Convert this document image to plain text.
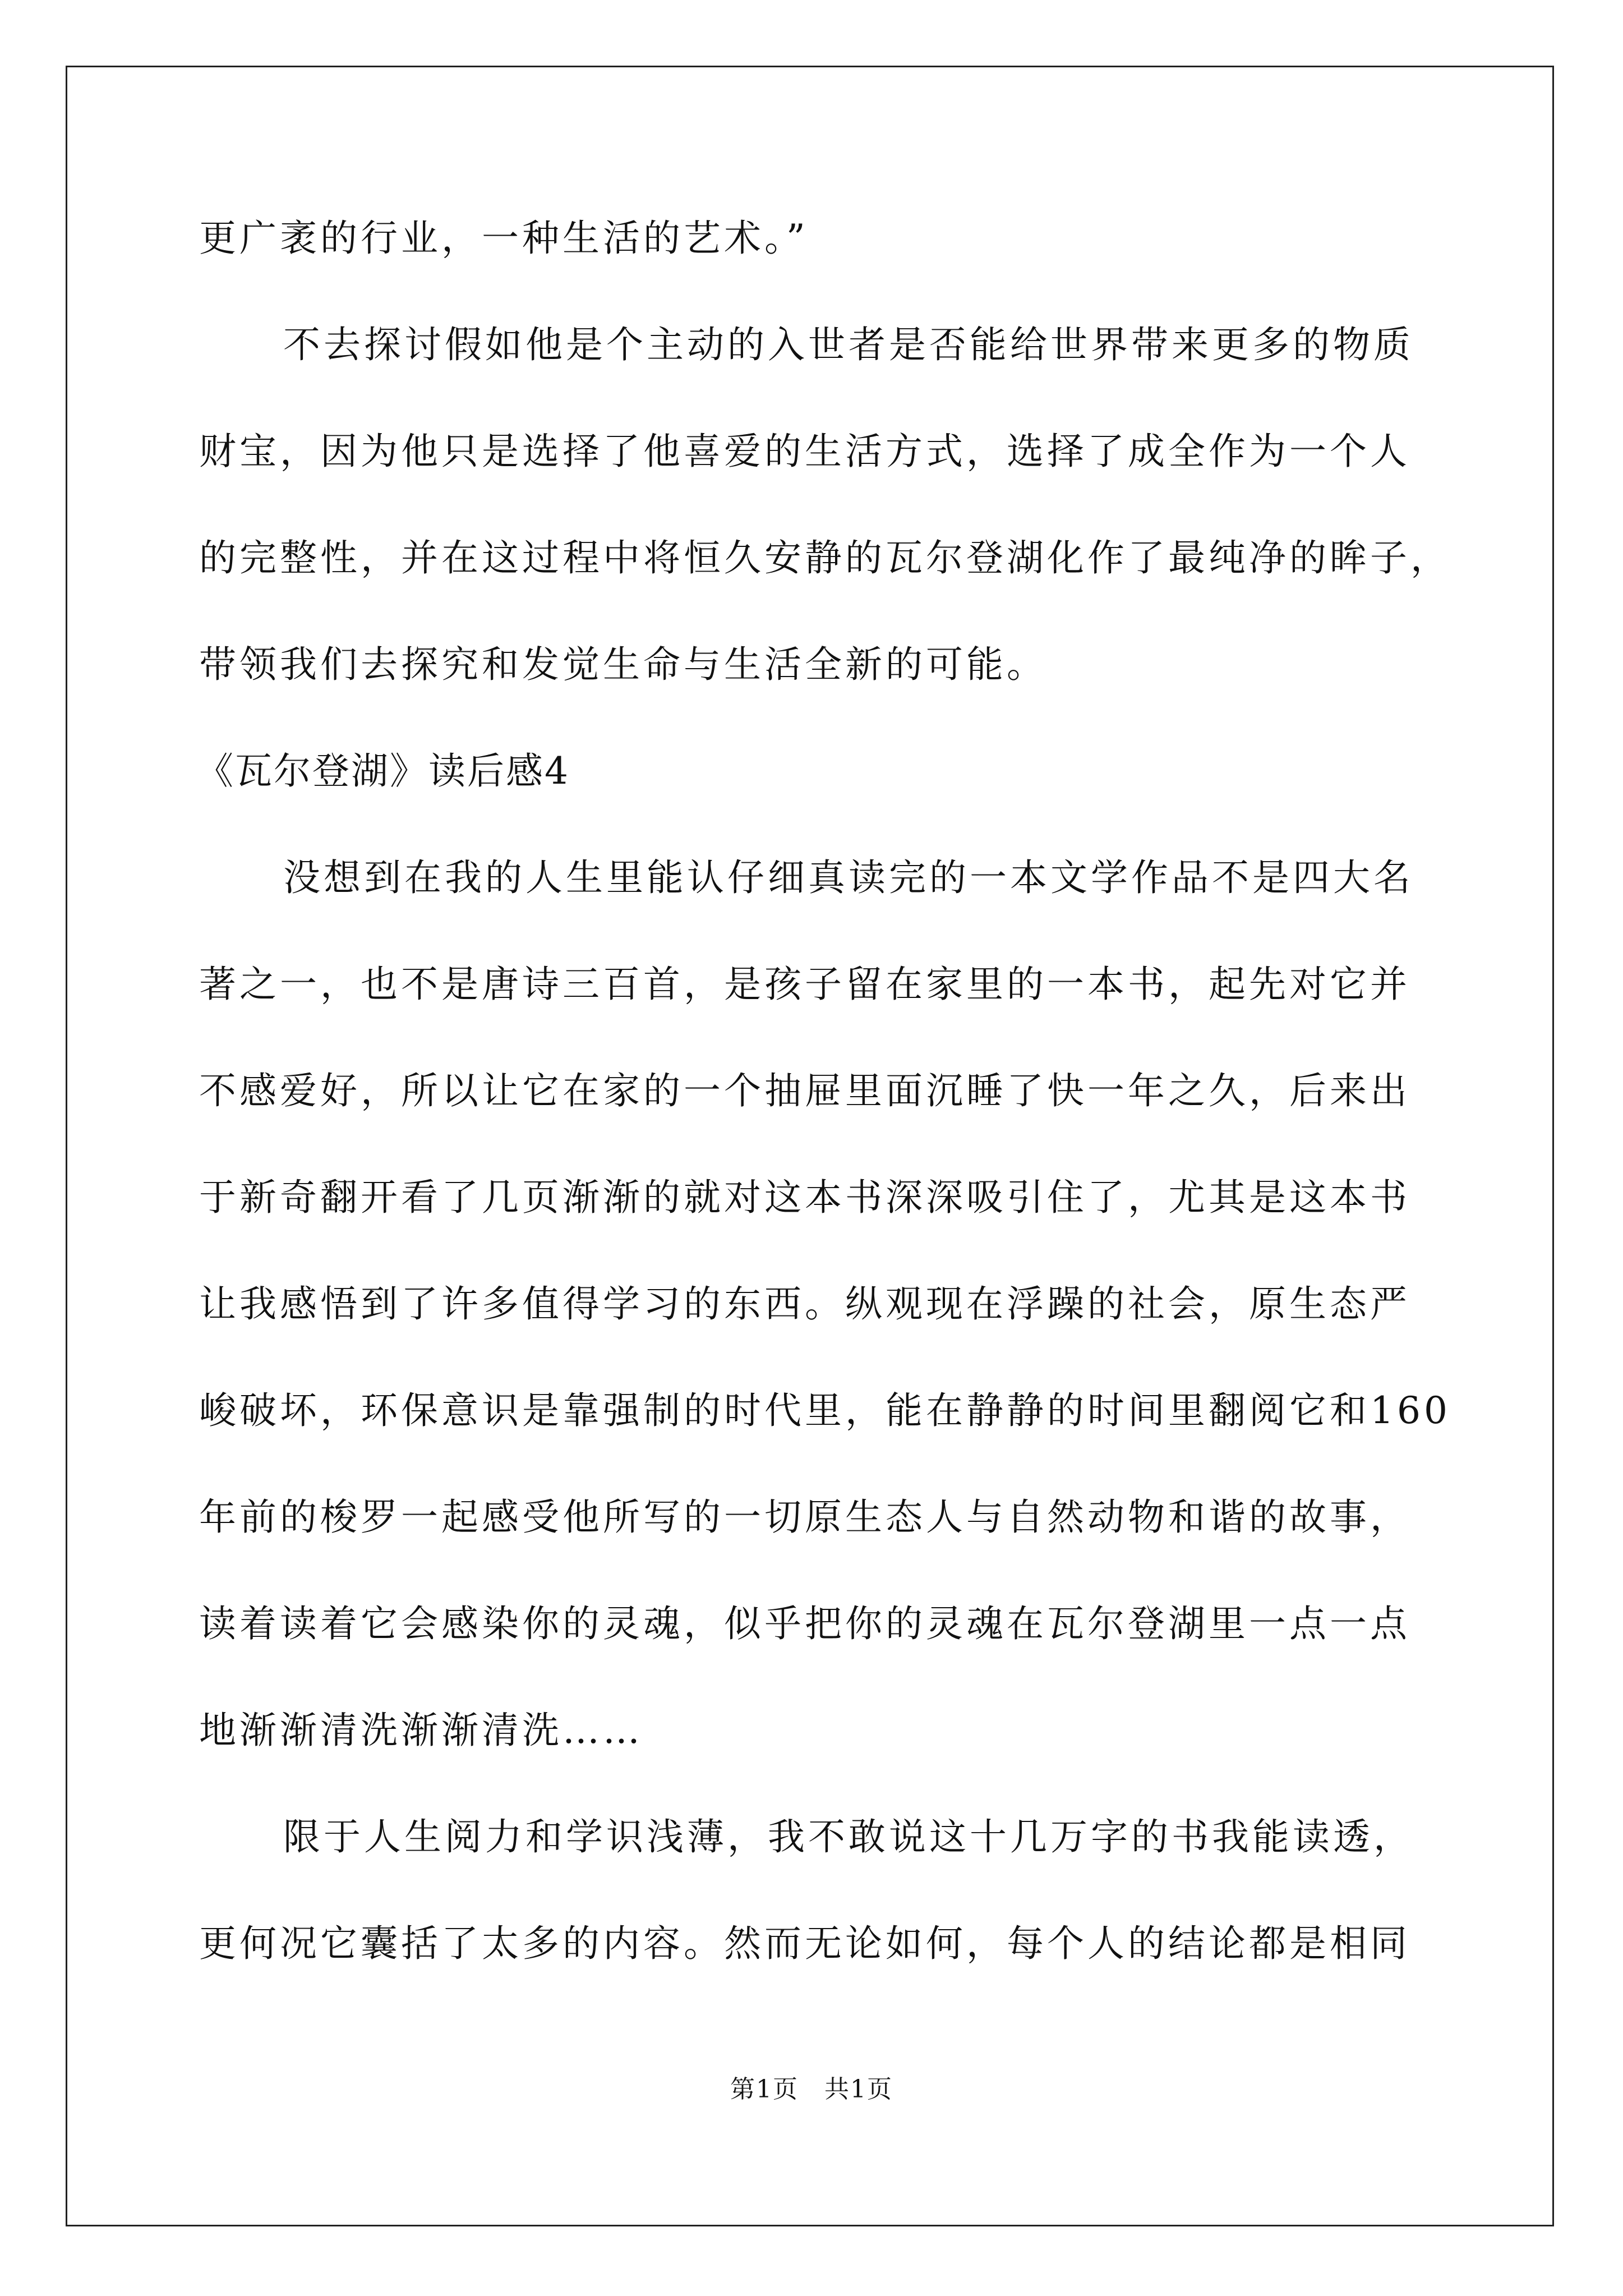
更广袤的行业，一种生活的艺术。”
不去探讨假如他是个主动的入世者是否能给世界带来更多的物质
财宝，因为他只是选择了他喜爱的生活方式，选择了成全作为一个人
的完整性，并在这过程中将恒久安静的瓦尔登湖化作了最纯净的眸子，
带领我们去探究和发觉生命与生活全新的可能。
《瓦尔登湖》读后感4
没想到在我的人生里能认仔细真读完的一本文学作品不是四大名
著之一，也不是唐诗三百首，是孩子留在家里的一本书，起先对它并
不感爱好，所以让它在家的一个抽屉里面沉睡了快一年之久，后来出
于新奇翻开看了几页渐渐的就对这本书深深吸引住了，尤其是这本书
让我感悟到了许多值得学习的东西。纵观现在浮躁的社会，原生态严
峻破坏，环保意识是靠强制的时代里，能在静静的时间里翻阅它和160
年前的梭罗一起感受他所写的一切原生态人与自然动物和谐的故事，
读着读着它会感染你的灵魂，似乎把你的灵魂在瓦尔登湖里一点一点
地渐渐清洗渐渐清洗……
限于人生阅力和学识浅薄，我不敢说这十几万字的书我能读透，
更何况它囊括了太多的内容。然而无论如何，每个人的结论都是相同
第1页　共1页
